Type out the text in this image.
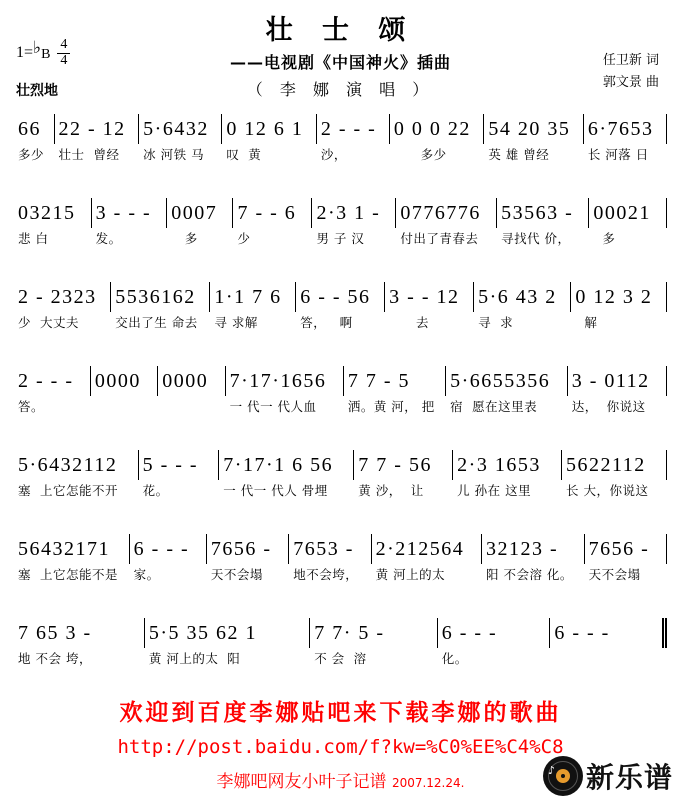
壮 士 颂
——电视剧《中国神火》插曲
（ 李 娜 演 唱 ）
1= ♭ B $\frac{4}{4}$
壮烈地
任卫新 词
郭文景 曲
66
多少
22 - 12
壮士  曾经
5·6432
冰 河铁 马
0 12 6 1
叹  黄
2 - - -
沙，
0 0 0 22
多少
54 20 35
英 雄 曾经
6·7653
长 河落 日
03215
悲 白
3 - - -
发。
0007
多
7 - - 6
少
2·3 1 -
男 子 汉
0776776
付出了青春去
53563 -
寻找代 价，
00021
多
2 - 2323
少  大丈夫
5536162
交出了生 命去
1·1 7 6
寻 求解
6 - - 56
答，   啊
3 - - 12
去
5·6 43 2
寻  求
0 12 3 2
解
2 - - -
答。
0000	0000	7·17·1656
一 代一 代人血
7 7 - 5
洒。黄 河， 把
5·6655356
宿  愿在这里表
3 - 0112
达，  你说这
5·6432112
塞  上它怎能不开
5 - - -
花。
7·17·1 6 56
一 代一 代人 骨埋
7 7 - 56
黄 沙，  让
2·3 1653
儿 孙在 这里
5622112
长 大，你说这
56432171
塞  上它怎能不是
6 - - -
家。
7656 -
天不会塌
7653 -
地不会垮，
2·212564
黄 河上的太
32123 -
阳 不会溶 化。
7656 -
天不会塌
7 65 3 -
地 不会 垮，
5·5 35 62 1
黄 河上的太  阳
7 7· 5 -
不 会  溶
6 - - -
化。
6 - - -
欢迎到百度李娜贴吧来下载李娜的歌曲
http://post.baidu.com/f?kw=%C0%EE%C4%C8
李娜吧网友小叶子记谱 2007.12.24.
♪ 新乐谱
